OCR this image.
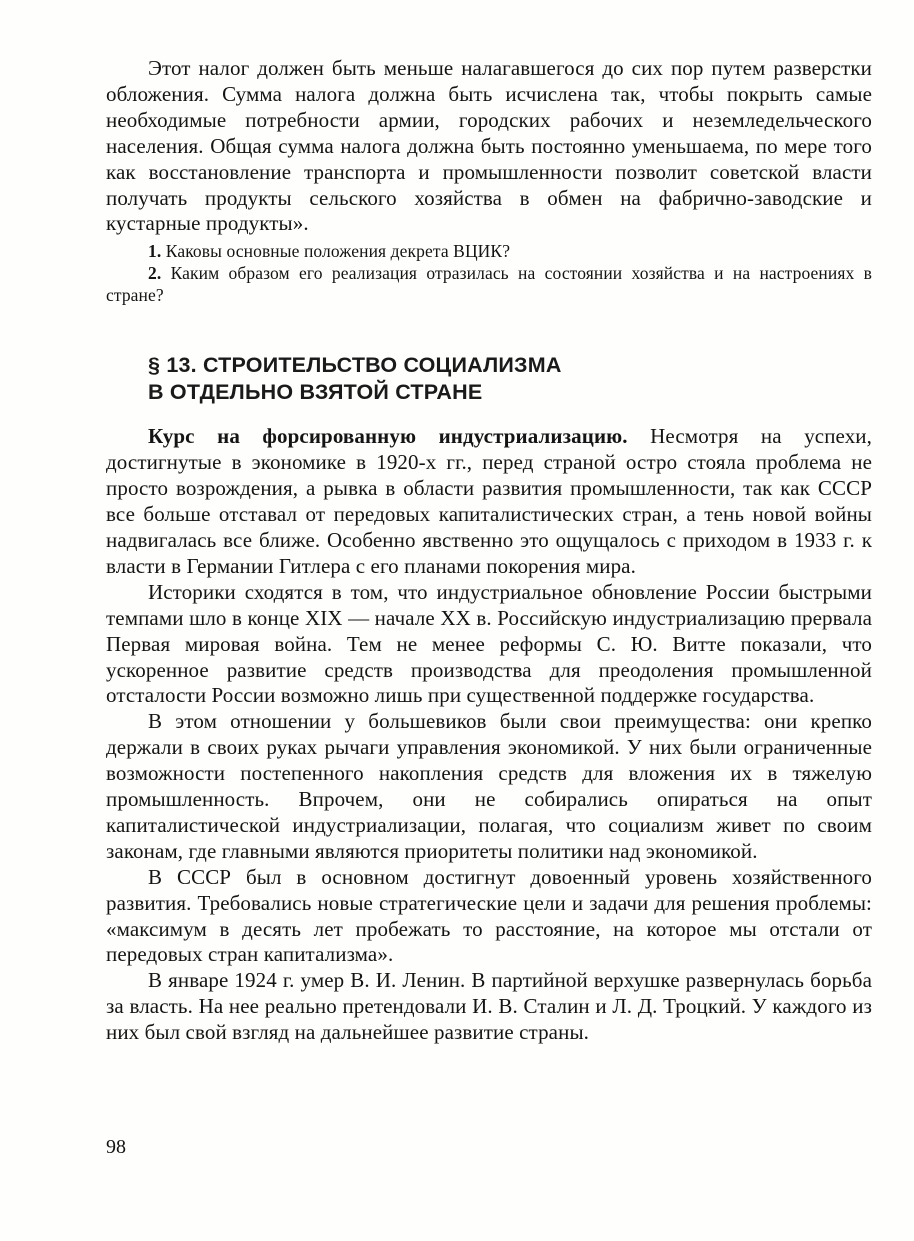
Этот налог должен быть меньше налагавшегося до сих пор путем разверстки обложения. Сумма налога должна быть исчислена так, чтобы покрыть самые необходимые потребности армии, городских рабочих и неземледельческого населения. Общая сумма налога должна быть постоянно уменьшаема, по мере того как восстановление транспорта и промышленности позволит советской власти получать продукты сельского хозяйства в обмен на фабрично-заводские и кустарные продукты».

1. Каковы основные положения декрета ВЦИК?

2. Каким образом его реализация отразилась на состоянии хозяйства и на настроениях в стране?

§ 13. СТРОИТЕЛЬСТВО СОЦИАЛИЗМА
В ОТДЕЛЬНО ВЗЯТОЙ СТРАНЕ

Курс на форсированную индустриализацию. Несмотря на успехи, достигнутые в экономике в 1920-х гг., перед страной остро стояла проблема не просто возрождения, а рывка в области развития промышленности, так как СССР все больше отставал от передовых капиталистических стран, а тень новой войны надвигалась все ближе. Особенно явственно это ощущалось с приходом в 1933 г. к власти в Германии Гитлера с его планами покорения мира.

Историки сходятся в том, что индустриальное обновление России быстрыми темпами шло в конце XIX — начале XX в. Российскую индустриализацию прервала Первая мировая война. Тем не менее реформы С. Ю. Витте показали, что ускоренное развитие средств производства для преодоления промышленной отсталости России возможно лишь при существенной поддержке государства.

В этом отношении у большевиков были свои преимущества: они крепко держали в своих руках рычаги управления экономикой. У них были ограниченные возможности постепенного накопления средств для вложения их в тяжелую промышленность. Впрочем, они не собирались опираться на опыт капиталистической индустриализации, полагая, что социализм живет по своим законам, где главными являются приоритеты политики над экономикой.

В СССР был в основном достигнут довоенный уровень хозяйственного развития. Требовались новые стратегические цели и задачи для решения проблемы: «максимум в десять лет пробежать то расстояние, на которое мы отстали от передовых стран капитализма».

В январе 1924 г. умер В. И. Ленин. В партийной верхушке развернулась борьба за власть. На нее реально претендовали И. В. Сталин и Л. Д. Троцкий. У каждого из них был свой взгляд на дальнейшее развитие страны.

98
